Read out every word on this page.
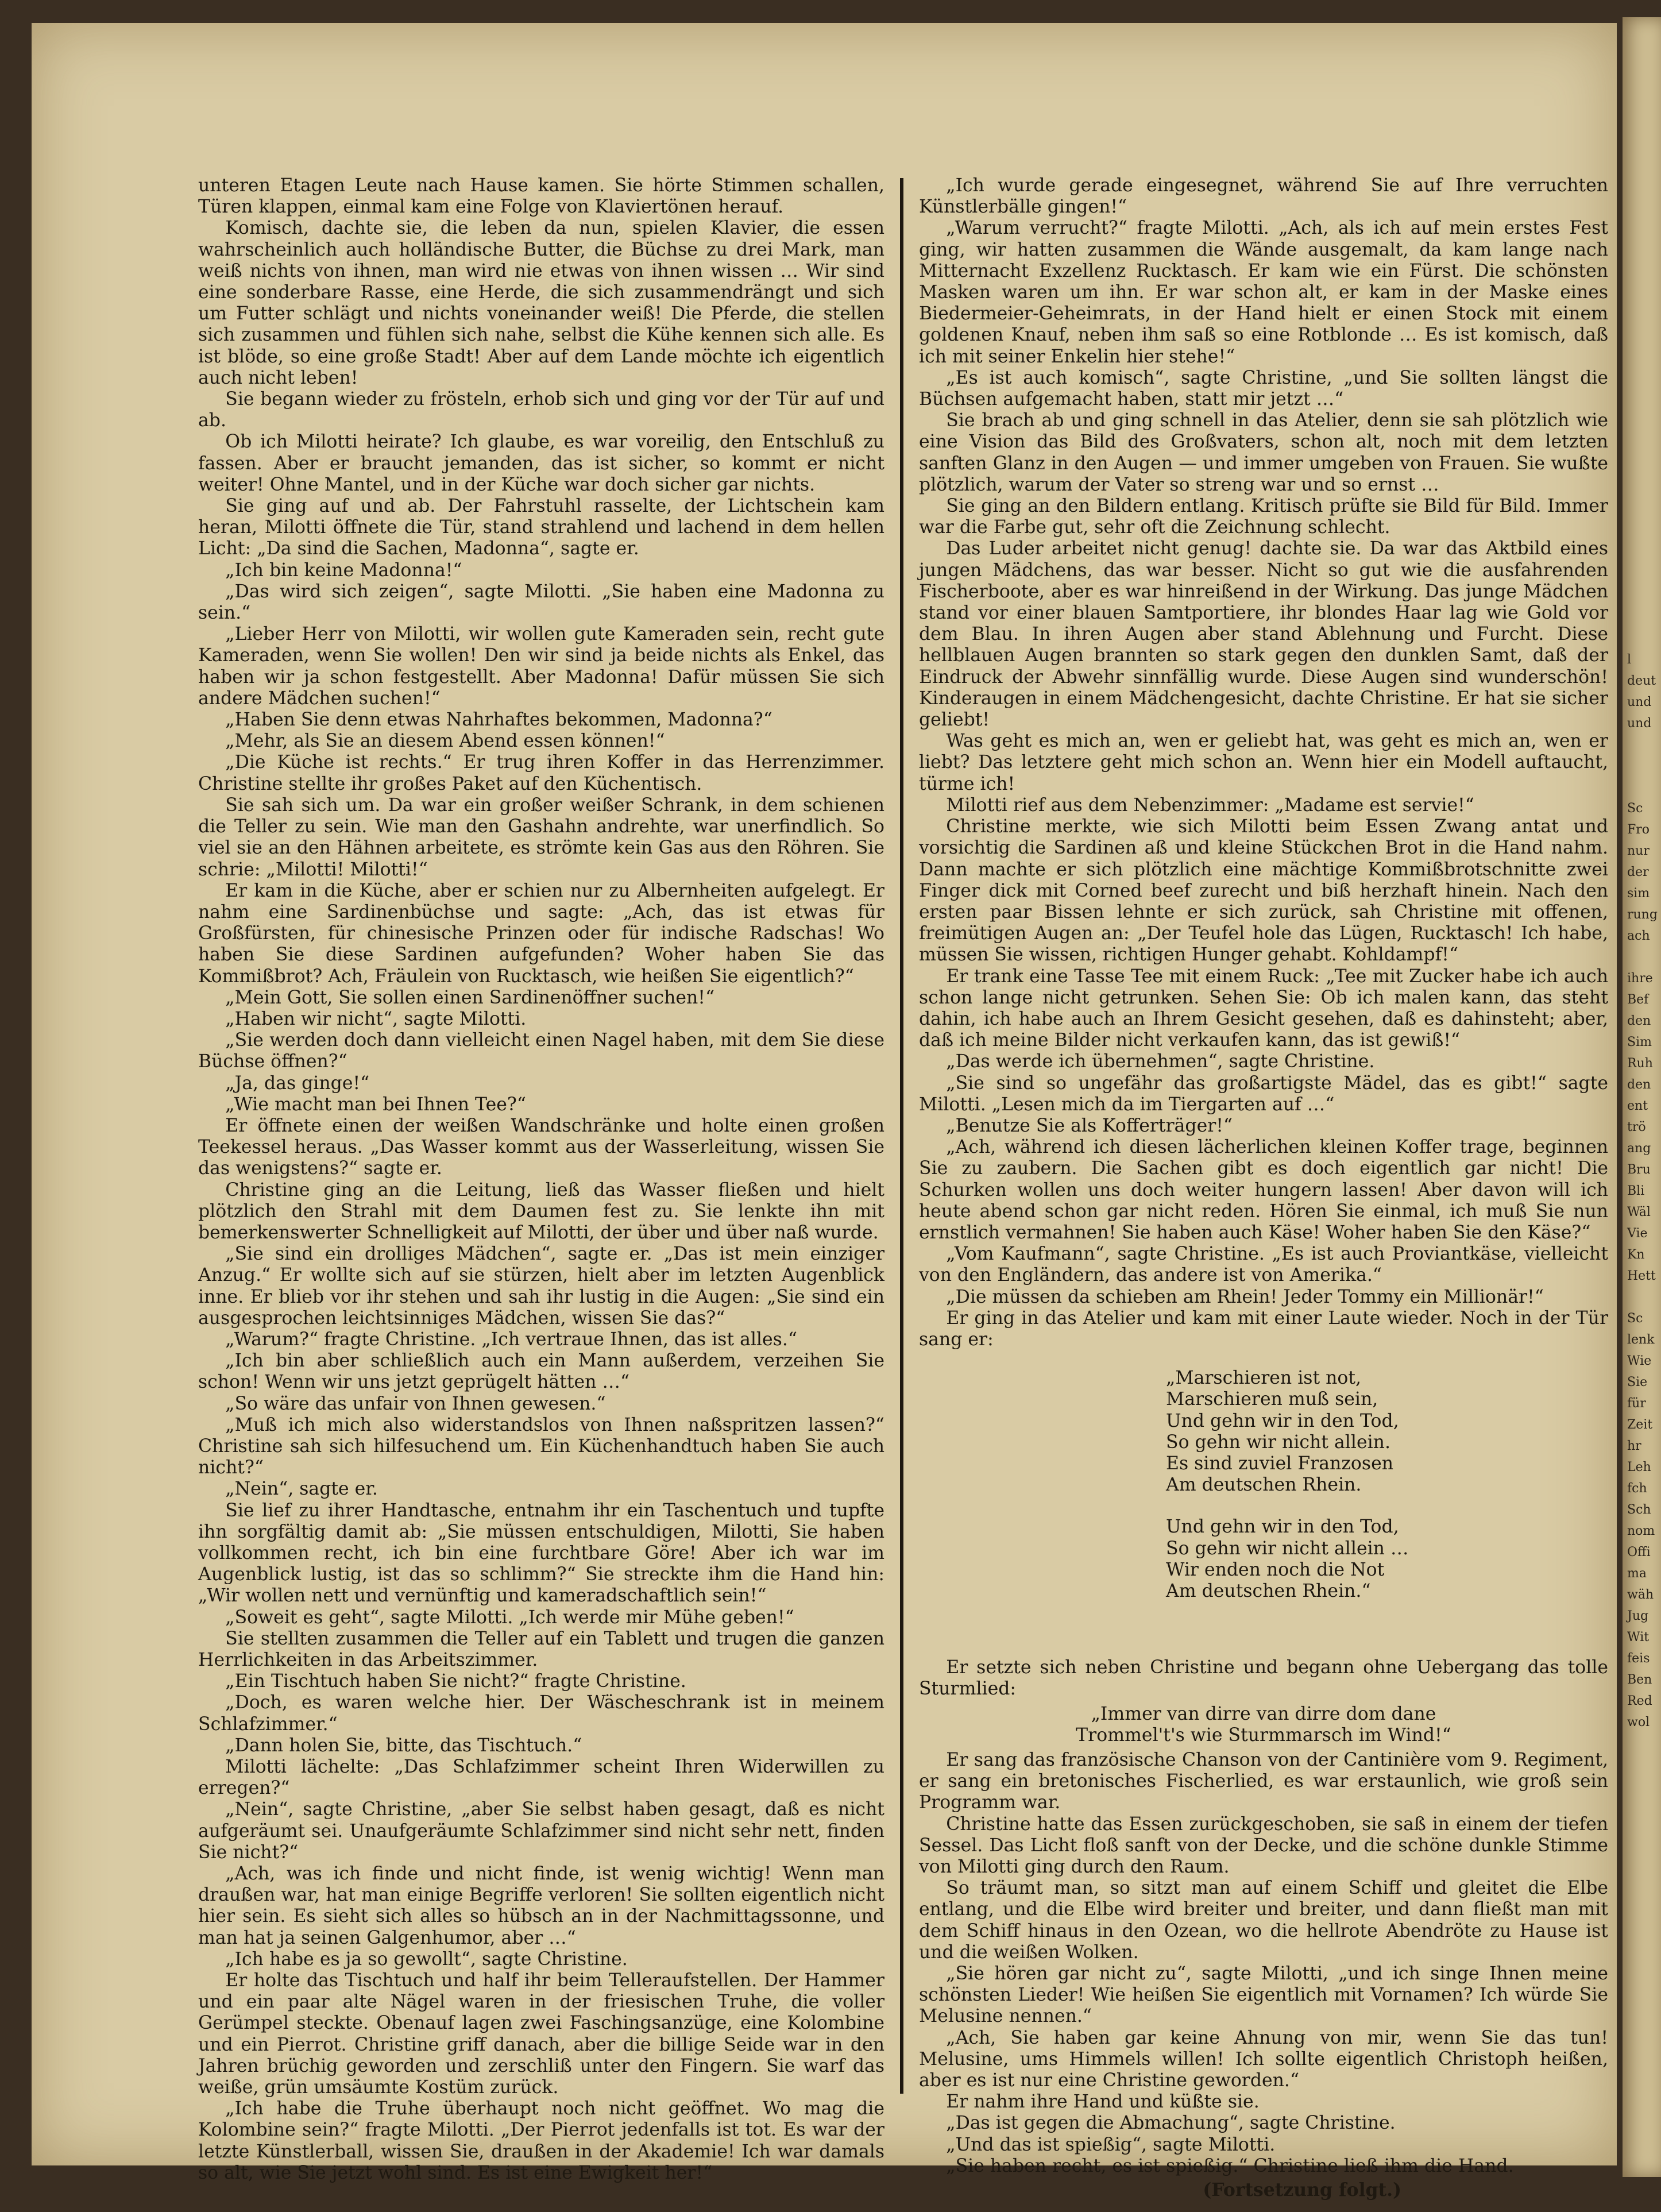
unteren Etagen Leute nach Hause kamen. Sie hörte Stimmen schallen, Türen klappen, einmal kam eine Folge von Klaviertönen herauf.

Komisch, dachte sie, die leben da nun, spielen Klavier, die essen wahrscheinlich auch holländische Butter, die Büchse zu drei Mark, man weiß nichts von ihnen, man wird nie etwas von ihnen wissen … Wir sind eine sonderbare Rasse, eine Herde, die sich zusammendrängt und sich um Futter schlägt und nichts voneinander weiß! Die Pferde, die stellen sich zusammen und fühlen sich nahe, selbst die Kühe kennen sich alle. Es ist blöde, so eine große Stadt! Aber auf dem Lande möchte ich eigentlich auch nicht leben!

Sie begann wieder zu frösteln, erhob sich und ging vor der Tür auf und ab.

Ob ich Milotti heirate? Ich glaube, es war voreilig, den Entschluß zu fassen. Aber er braucht jemanden, das ist sicher, so kommt er nicht weiter! Ohne Mantel, und in der Küche war doch sicher gar nichts.

Sie ging auf und ab. Der Fahrstuhl rasselte, der Lichtschein kam heran, Milotti öffnete die Tür, stand strahlend und lachend in dem hellen Licht: „Da sind die Sachen, Madonna“, sagte er.

„Ich bin keine Madonna!“

„Das wird sich zeigen“, sagte Milotti. „Sie haben eine Madonna zu sein.“

„Lieber Herr von Milotti, wir wollen gute Kameraden sein, recht gute Kameraden, wenn Sie wollen! Den wir sind ja beide nichts als Enkel, das haben wir ja schon festgestellt. Aber Madonna! Dafür müssen Sie sich andere Mädchen suchen!“

„Haben Sie denn etwas Nahrhaftes bekommen, Madonna?“

„Mehr, als Sie an diesem Abend essen können!“

„Die Küche ist rechts.“ Er trug ihren Koffer in das Herrenzimmer. Christine stellte ihr großes Paket auf den Küchentisch.

Sie sah sich um. Da war ein großer weißer Schrank, in dem schienen die Teller zu sein. Wie man den Gashahn andrehte, war unerfindlich. So viel sie an den Hähnen arbeitete, es strömte kein Gas aus den Röhren. Sie schrie: „Milotti! Milotti!“

Er kam in die Küche, aber er schien nur zu Albernheiten aufgelegt. Er nahm eine Sardinenbüchse und sagte: „Ach, das ist etwas für Großfürsten, für chinesische Prinzen oder für indische Radschas! Wo haben Sie diese Sardinen aufgefunden? Woher haben Sie das Kommißbrot? Ach, Fräulein von Rucktasch, wie heißen Sie eigentlich?“

„Mein Gott, Sie sollen einen Sardinenöffner suchen!“

„Haben wir nicht“, sagte Milotti.

„Sie werden doch dann vielleicht einen Nagel haben, mit dem Sie diese Büchse öffnen?“

„Ja, das ginge!“

„Wie macht man bei Ihnen Tee?“

Er öffnete einen der weißen Wandschränke und holte einen großen Teekessel heraus. „Das Wasser kommt aus der Wasserleitung, wissen Sie das wenigstens?“ sagte er.

Christine ging an die Leitung, ließ das Wasser fließen und hielt plötzlich den Strahl mit dem Daumen fest zu. Sie lenkte ihn mit bemerkenswerter Schnelligkeit auf Milotti, der über und über naß wurde.

„Sie sind ein drolliges Mädchen“, sagte er. „Das ist mein einziger Anzug.“ Er wollte sich auf sie stürzen, hielt aber im letzten Augenblick inne. Er blieb vor ihr stehen und sah ihr lustig in die Augen: „Sie sind ein ausgesprochen leichtsinniges Mädchen, wissen Sie das?“

„Warum?“ fragte Christine. „Ich vertraue Ihnen, das ist alles.“

„Ich bin aber schließlich auch ein Mann außerdem, verzeihen Sie schon! Wenn wir uns jetzt geprügelt hätten …“

„So wäre das unfair von Ihnen gewesen.“

„Muß ich mich also widerstandslos von Ihnen naßspritzen lassen?“ Christine sah sich hilfesuchend um. Ein Küchenhandtuch haben Sie auch nicht?“

„Nein“, sagte er.

Sie lief zu ihrer Handtasche, entnahm ihr ein Taschentuch und tupfte ihn sorgfältig damit ab: „Sie müssen entschuldigen, Milotti, Sie haben vollkommen recht, ich bin eine furchtbare Göre! Aber ich war im Augenblick lustig, ist das so schlimm?“ Sie streckte ihm die Hand hin: „Wir wollen nett und vernünftig und kameradschaftlich sein!“

„Soweit es geht“, sagte Milotti. „Ich werde mir Mühe geben!“

Sie stellten zusammen die Teller auf ein Tablett und trugen die ganzen Herrlichkeiten in das Arbeitszimmer.

„Ein Tischtuch haben Sie nicht?“ fragte Christine.

„Doch, es waren welche hier. Der Wäscheschrank ist in meinem Schlafzimmer.“

„Dann holen Sie, bitte, das Tischtuch.“

Milotti lächelte: „Das Schlafzimmer scheint Ihren Widerwillen zu erregen?“

„Nein“, sagte Christine, „aber Sie selbst haben gesagt, daß es nicht aufgeräumt sei. Unaufgeräumte Schlafzimmer sind nicht sehr nett, finden Sie nicht?“

„Ach, was ich finde und nicht finde, ist wenig wichtig! Wenn man draußen war, hat man einige Begriffe verloren! Sie sollten eigentlich nicht hier sein. Es sieht sich alles so hübsch an in der Nachmittagssonne, und man hat ja seinen Galgenhumor, aber …“

„Ich habe es ja so gewollt“, sagte Christine.

Er holte das Tischtuch und half ihr beim Telleraufstellen. Der Hammer und ein paar alte Nägel waren in der friesischen Truhe, die voller Gerümpel steckte. Obenauf lagen zwei Faschingsanzüge, eine Kolombine und ein Pierrot. Christine griff danach, aber die billige Seide war in den Jahren brüchig geworden und zerschliß unter den Fingern. Sie warf das weiße, grün umsäumte Kostüm zurück.

„Ich habe die Truhe überhaupt noch nicht geöffnet. Wo mag die Kolombine sein?“ fragte Milotti. „Der Pierrot jedenfalls ist tot. Es war der letzte Künstlerball, wissen Sie, draußen in der Akademie! Ich war damals so alt, wie Sie jetzt wohl sind. Es ist eine Ewigkeit her!“

„Ich wurde gerade eingesegnet, während Sie auf Ihre verruchten Künstlerbälle gingen!“

„Warum verrucht?“ fragte Milotti. „Ach, als ich auf mein erstes Fest ging, wir hatten zusammen die Wände ausgemalt, da kam lange nach Mitternacht Exzellenz Rucktasch. Er kam wie ein Fürst. Die schönsten Masken waren um ihn. Er war schon alt, er kam in der Maske eines Biedermeier-Geheimrats, in der Hand hielt er einen Stock mit einem goldenen Knauf, neben ihm saß so eine Rotblonde … Es ist komisch, daß ich mit seiner Enkelin hier stehe!“

„Es ist auch komisch“, sagte Christine, „und Sie sollten längst die Büchsen aufgemacht haben, statt mir jetzt …“

Sie brach ab und ging schnell in das Atelier, denn sie sah plötzlich wie eine Vision das Bild des Großvaters, schon alt, noch mit dem letzten sanften Glanz in den Augen — und immer umgeben von Frauen. Sie wußte plötzlich, warum der Vater so streng war und so ernst …

Sie ging an den Bildern entlang. Kritisch prüfte sie Bild für Bild. Immer war die Farbe gut, sehr oft die Zeichnung schlecht.

Das Luder arbeitet nicht genug! dachte sie. Da war das Aktbild eines jungen Mädchens, das war besser. Nicht so gut wie die ausfahrenden Fischerboote, aber es war hinreißend in der Wirkung. Das junge Mädchen stand vor einer blauen Samtportiere, ihr blondes Haar lag wie Gold vor dem Blau. In ihren Augen aber stand Ablehnung und Furcht. Diese hellblauen Augen brannten so stark gegen den dunklen Samt, daß der Eindruck der Abwehr sinnfällig wurde. Diese Augen sind wunderschön! Kinderaugen in einem Mädchengesicht, dachte Christine. Er hat sie sicher geliebt!

Was geht es mich an, wen er geliebt hat, was geht es mich an, wen er liebt? Das letztere geht mich schon an. Wenn hier ein Modell auftaucht, türme ich!

Milotti rief aus dem Nebenzimmer: „Madame est servie!“

Christine merkte, wie sich Milotti beim Essen Zwang antat und vorsichtig die Sardinen aß und kleine Stückchen Brot in die Hand nahm. Dann machte er sich plötzlich eine mächtige Kommißbrotschnitte zwei Finger dick mit Corned beef zurecht und biß herzhaft hinein. Nach den ersten paar Bissen lehnte er sich zurück, sah Christine mit offenen, freimütigen Augen an: „Der Teufel hole das Lügen, Rucktasch! Ich habe, müssen Sie wissen, richtigen Hunger gehabt. Kohldampf!“

Er trank eine Tasse Tee mit einem Ruck: „Tee mit Zucker habe ich auch schon lange nicht getrunken. Sehen Sie: Ob ich malen kann, das steht dahin, ich habe auch an Ihrem Gesicht gesehen, daß es dahinsteht; aber, daß ich meine Bilder nicht verkaufen kann, das ist gewiß!“

„Das werde ich übernehmen“, sagte Christine.

„Sie sind so ungefähr das großartigste Mädel, das es gibt!“ sagte Milotti. „Lesen mich da im Tiergarten auf …“

„Benutze Sie als Kofferträger!“

„Ach, während ich diesen lächerlichen kleinen Koffer trage, beginnen Sie zu zaubern. Die Sachen gibt es doch eigentlich gar nicht! Die Schurken wollen uns doch weiter hungern lassen! Aber davon will ich heute abend schon gar nicht reden. Hören Sie einmal, ich muß Sie nun ernstlich vermahnen! Sie haben auch Käse! Woher haben Sie den Käse?“

„Vom Kaufmann“, sagte Christine. „Es ist auch Proviantkäse, vielleicht von den Engländern, das andere ist von Amerika.“

„Die müssen da schieben am Rhein! Jeder Tommy ein Millionär!“

Er ging in das Atelier und kam mit einer Laute wieder. Noch in der Tür sang er:

„Marschieren ist not,
Marschieren muß sein,
Und gehn wir in den Tod,
So gehn wir nicht allein.
Es sind zuviel Franzosen
Am deutschen Rhein.
Und gehn wir in den Tod,
So gehn wir nicht allein …
Wir enden noch die Not
Am deutschen Rhein.“

Er setzte sich neben Christine und begann ohne Uebergang das tolle Sturmlied:

„Immer van dirre van dirre dom dane
Trommel't's wie Sturmmarsch im Wind!“

Er sang das französische Chanson von der Cantinière vom 9. Regiment, er sang ein bretonisches Fischerlied, es war erstaunlich, wie groß sein Programm war.

Christine hatte das Essen zurückgeschoben, sie saß in einem der tiefen Sessel. Das Licht floß sanft von der Decke, und die schöne dunkle Stimme von Milotti ging durch den Raum.

So träumt man, so sitzt man auf einem Schiff und gleitet die Elbe entlang, und die Elbe wird breiter und breiter, und dann fließt man mit dem Schiff hinaus in den Ozean, wo die hellrote Abendröte zu Hause ist und die weißen Wolken.

„Sie hören gar nicht zu“, sagte Milotti, „und ich singe Ihnen meine schönsten Lieder! Wie heißen Sie eigentlich mit Vornamen? Ich würde Sie Melusine nennen.“

„Ach, Sie haben gar keine Ahnung von mir, wenn Sie das tun! Melusine, ums Himmels willen! Ich sollte eigentlich Christoph heißen, aber es ist nur eine Christine geworden.“

Er nahm ihre Hand und küßte sie.

„Das ist gegen die Abmachung“, sagte Christine.

„Und das ist spießig“, sagte Milotti.

„Sie haben recht, es ist spießig.“ Christine ließ ihm die Hand.

(Fortsetzung folgt.)
l
deut
und
und

Sc
Fro
nur
der
sim
rung
ach

ihre
Bef
den
Sim
Ruh
den
ent
trö
ang
Bru
Bli
Wäl
Vie
Kn
Hett

Sc
lenk
Wie
Sie
für
Zeit
hr
Leh
fch
Sch
nom
Offi
ma
wäh
Jug
Wit
feis
Ben
Red
wol
